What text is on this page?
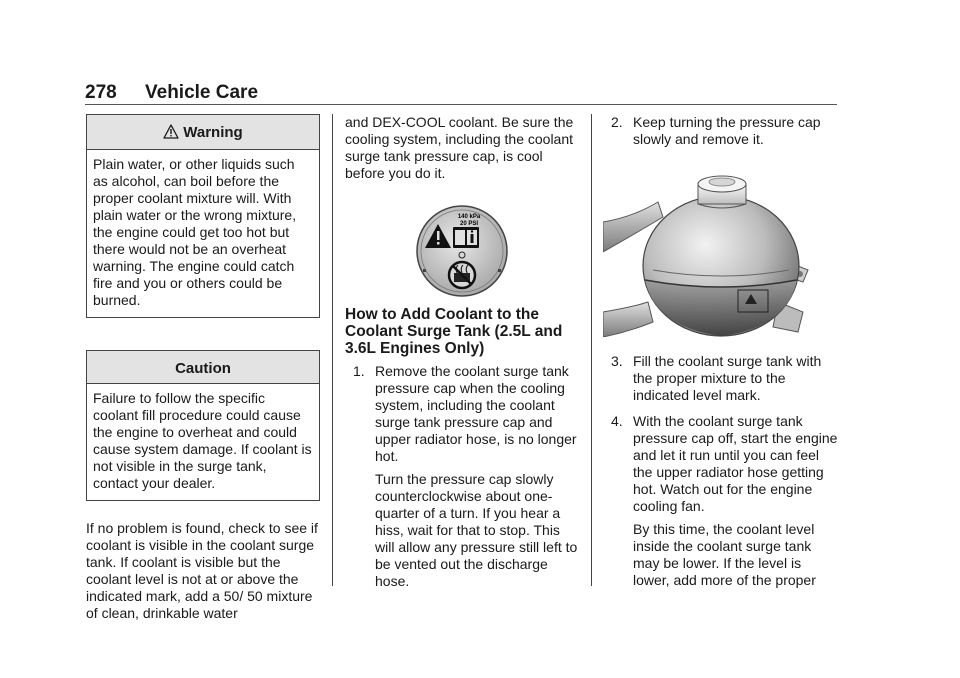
278 Vehicle Care
Warning
Plain water, or other liquids such as alcohol, can boil before the proper coolant mixture will. With plain water or the wrong mixture, the engine could get too hot but there would not be an overheat warning. The engine could catch fire and you or others could be burned.
Caution
Failure to follow the specific coolant fill procedure could cause the engine to overheat and could cause system damage. If coolant is not visible in the surge tank, contact your dealer.

If no problem is found, check to see if coolant is visible in the coolant surge tank. If coolant is visible but the coolant level is not at or above the indicated mark, add a 50/ 50 mixture of clean, drinkable water

and DEX-COOL coolant. Be sure the cooling system, including the coolant surge tank pressure cap, is cool before you do it.

140 kPa
20 PSI
How to Add Coolant to the Coolant Surge Tank (2.5L and 3.6L Engines Only)
1. Remove the coolant surge tank pressure cap when the cooling system, including the coolant surge tank pressure cap and upper radiator hose, is no longer hot.

Turn the pressure cap slowly counterclockwise about one-quarter of a turn. If you hear a hiss, wait for that to stop. This will allow any pressure still left to be vented out the discharge hose.

2. Keep turning the pressure cap slowly and remove it.

3. Fill the coolant surge tank with the proper mixture to the indicated level mark.

4. With the coolant surge tank pressure cap off, start the engine and let it run until you can feel the upper radiator hose getting hot. Watch out for the engine cooling fan.

By this time, the coolant level inside the coolant surge tank may be lower. If the level is lower, add more of the proper
